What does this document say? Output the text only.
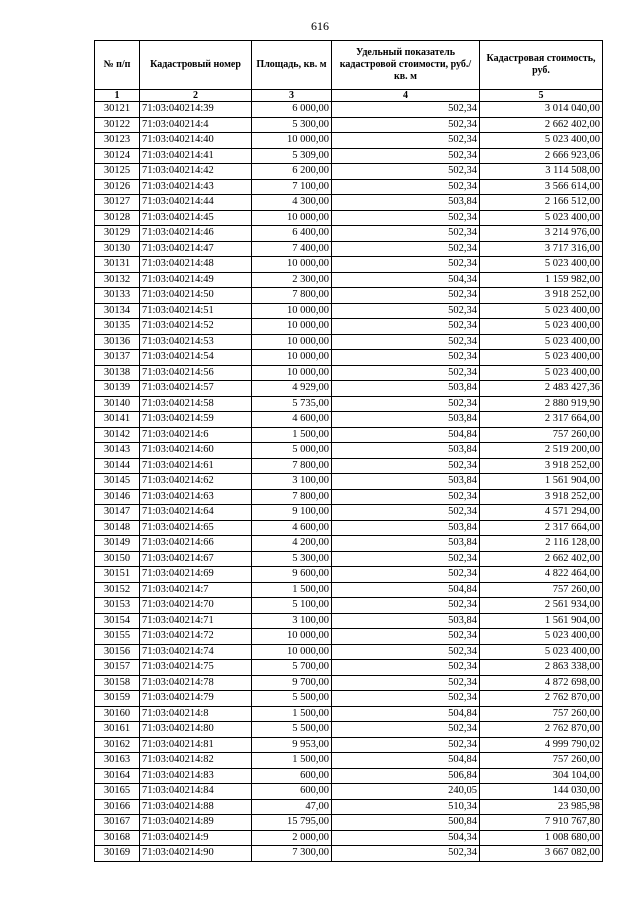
616
№ п/п	Кадастровый номер	Площадь, кв. м	Удельный показатель кадастровой стоимости, руб./кв. м	Кадастровая стоимость, руб.
1	2	3	4	5
30121	71:03:040214:39	6 000,00	502,34	3 014 040,00
30122	71:03:040214:4	5 300,00	502,34	2 662 402,00
30123	71:03:040214:40	10 000,00	502,34	5 023 400,00
30124	71:03:040214:41	5 309,00	502,34	2 666 923,06
30125	71:03:040214:42	6 200,00	502,34	3 114 508,00
30126	71:03:040214:43	7 100,00	502,34	3 566 614,00
30127	71:03:040214:44	4 300,00	503,84	2 166 512,00
30128	71:03:040214:45	10 000,00	502,34	5 023 400,00
30129	71:03:040214:46	6 400,00	502,34	3 214 976,00
30130	71:03:040214:47	7 400,00	502,34	3 717 316,00
30131	71:03:040214:48	10 000,00	502,34	5 023 400,00
30132	71:03:040214:49	2 300,00	504,34	1 159 982,00
30133	71:03:040214:50	7 800,00	502,34	3 918 252,00
30134	71:03:040214:51	10 000,00	502,34	5 023 400,00
30135	71:03:040214:52	10 000,00	502,34	5 023 400,00
30136	71:03:040214:53	10 000,00	502,34	5 023 400,00
30137	71:03:040214:54	10 000,00	502,34	5 023 400,00
30138	71:03:040214:56	10 000,00	502,34	5 023 400,00
30139	71:03:040214:57	4 929,00	503,84	2 483 427,36
30140	71:03:040214:58	5 735,00	502,34	2 880 919,90
30141	71:03:040214:59	4 600,00	503,84	2 317 664,00
30142	71:03:040214:6	1 500,00	504,84	757 260,00
30143	71:03:040214:60	5 000,00	503,84	2 519 200,00
30144	71:03:040214:61	7 800,00	502,34	3 918 252,00
30145	71:03:040214:62	3 100,00	503,84	1 561 904,00
30146	71:03:040214:63	7 800,00	502,34	3 918 252,00
30147	71:03:040214:64	9 100,00	502,34	4 571 294,00
30148	71:03:040214:65	4 600,00	503,84	2 317 664,00
30149	71:03:040214:66	4 200,00	503,84	2 116 128,00
30150	71:03:040214:67	5 300,00	502,34	2 662 402,00
30151	71:03:040214:69	9 600,00	502,34	4 822 464,00
30152	71:03:040214:7	1 500,00	504,84	757 260,00
30153	71:03:040214:70	5 100,00	502,34	2 561 934,00
30154	71:03:040214:71	3 100,00	503,84	1 561 904,00
30155	71:03:040214:72	10 000,00	502,34	5 023 400,00
30156	71:03:040214:74	10 000,00	502,34	5 023 400,00
30157	71:03:040214:75	5 700,00	502,34	2 863 338,00
30158	71:03:040214:78	9 700,00	502,34	4 872 698,00
30159	71:03:040214:79	5 500,00	502,34	2 762 870,00
30160	71:03:040214:8	1 500,00	504,84	757 260,00
30161	71:03:040214:80	5 500,00	502,34	2 762 870,00
30162	71:03:040214:81	9 953,00	502,34	4 999 790,02
30163	71:03:040214:82	1 500,00	504,84	757 260,00
30164	71:03:040214:83	600,00	506,84	304 104,00
30165	71:03:040214:84	600,00	240,05	144 030,00
30166	71:03:040214:88	47,00	510,34	23 985,98
30167	71:03:040214:89	15 795,00	500,84	7 910 767,80
30168	71:03:040214:9	2 000,00	504,34	1 008 680,00
30169	71:03:040214:90	7 300,00	502,34	3 667 082,00
